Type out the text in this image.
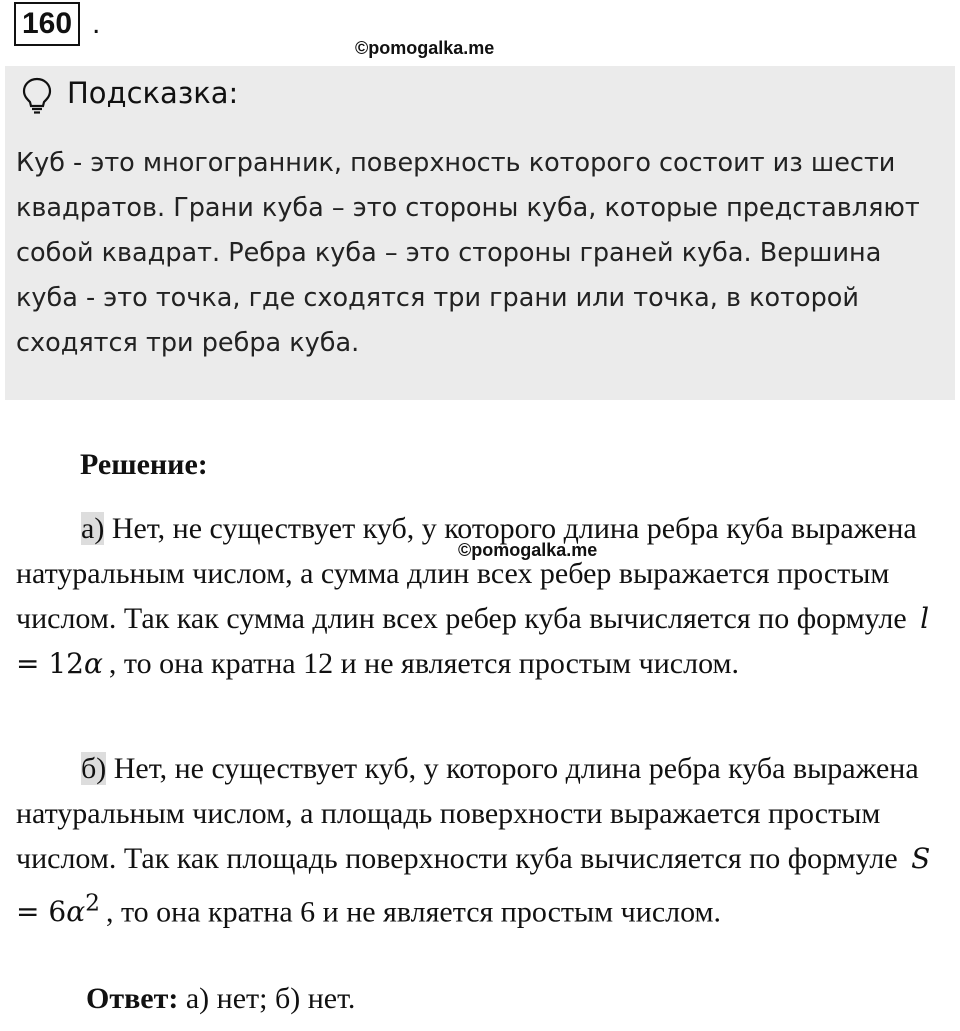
160 .
©pomogalka.me
Подсказка:

Куб - это многогранник, поверхность которого состоит из шести квадратов. Грани куба – это стороны куба, которые представляют собой квадрат. Ребра куба – это стороны граней куба. Вершина куба - это точка, где сходятся три грани или точка, в которой сходятся три ребра куба.

Решение:

а) Нет, не существует куб, у которого длина ребра куба выражена натуральным числом, а сумма длин всех ребер выражается простым числом. Так как сумма длин всех ребер куба вычисляется по формуле l = 12α , то она кратна 12 и не является простым числом.

©pomogalka.me

б) Нет, не существует куб, у которого длина ребра куба выражена натуральным числом, а площадь поверхности выражается простым числом. Так как площадь поверхности куба вычисляется по формуле $S = 6\alpha^2$ , то она кратна 6 и не является простым числом.

Ответ: а) нет; б) нет.
